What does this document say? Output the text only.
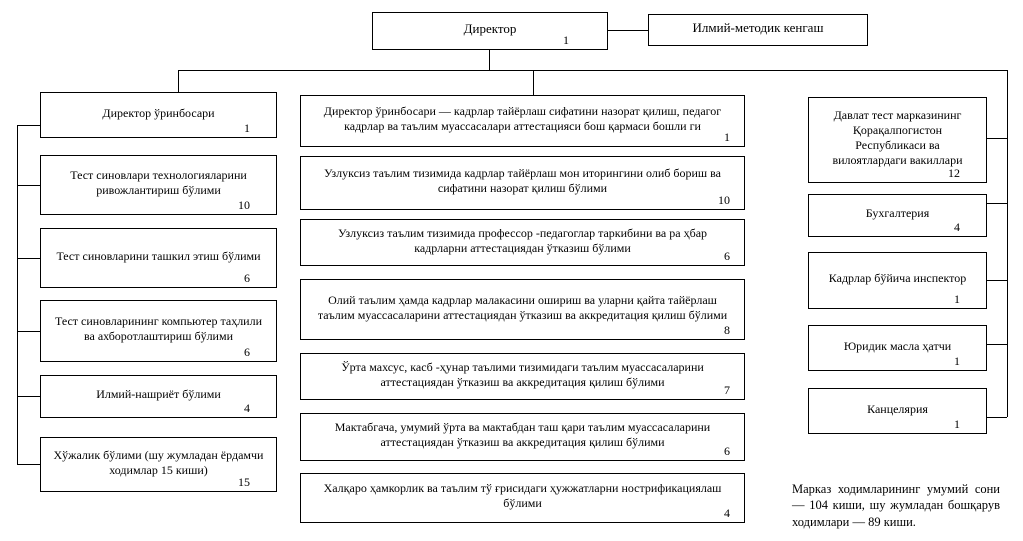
Директор
1
Илмий-методик кенгаш
Директор ўринбосари
1
Тест синовлари технологияларини ривожлантириш бўлими
10
Тест синовларини ташкил этиш бўлими
6
Тест синовларининг компьютер таҳлили ва ахборотлаштириш бўлими
6
Илмий-нашриёт бўлими
4
Хўжалик бўлими (шу жумладан ёрдамчи ходимлар 15 киши)
15
Директор ўринбосари — кадрлар тайёрлаш сифатини назорат қилиш, педагог кадрлар ва таълим муассасалари аттестацияси бош қармаси бошли ги
1
Узлуксиз таълим тизимида кадрлар тайёрлаш мон иторингини олиб бориш ва сифатини назорат қилиш бўлими
10
Узлуксиз таълим тизимида профессор -педагоглар таркибини ва ра ҳбар кадрларни аттестациядан ўтказиш бўлими
6
Олий таълим ҳамда кадрлар малакасини ошириш ва уларни қайта тайёрлаш таълим муассасаларини аттестациядан ўтказиш ва аккредитация қилиш бўлими
8
Ўрта махсус, касб -ҳунар таълими тизимидаги таълим муассасаларини аттестациядан ўтказиш ва аккредитация қилиш бўлими
7
Мактабгача, умумий ўрта ва мактабдан таш қари таълим муассасаларини аттестациядан ўтказиш ва аккредитация қилиш бўлими
6
Халқаро ҳамкорлик ва таълим тў ғрисидаги ҳужжатларни нострификациялаш бўлими
4
Давлат тест марказининг Қорақалпогистон Республикаси ва вилоятлардаги вакиллари
12
Бухгалтерия
4
Кадрлар бўйича инспектор
1
Юридик масла ҳатчи
1
Канцелярия
1
Марказ ходимларининг умумий сони — 104 киши, шу жумладан бошқарув ходимлари — 89 киши.
